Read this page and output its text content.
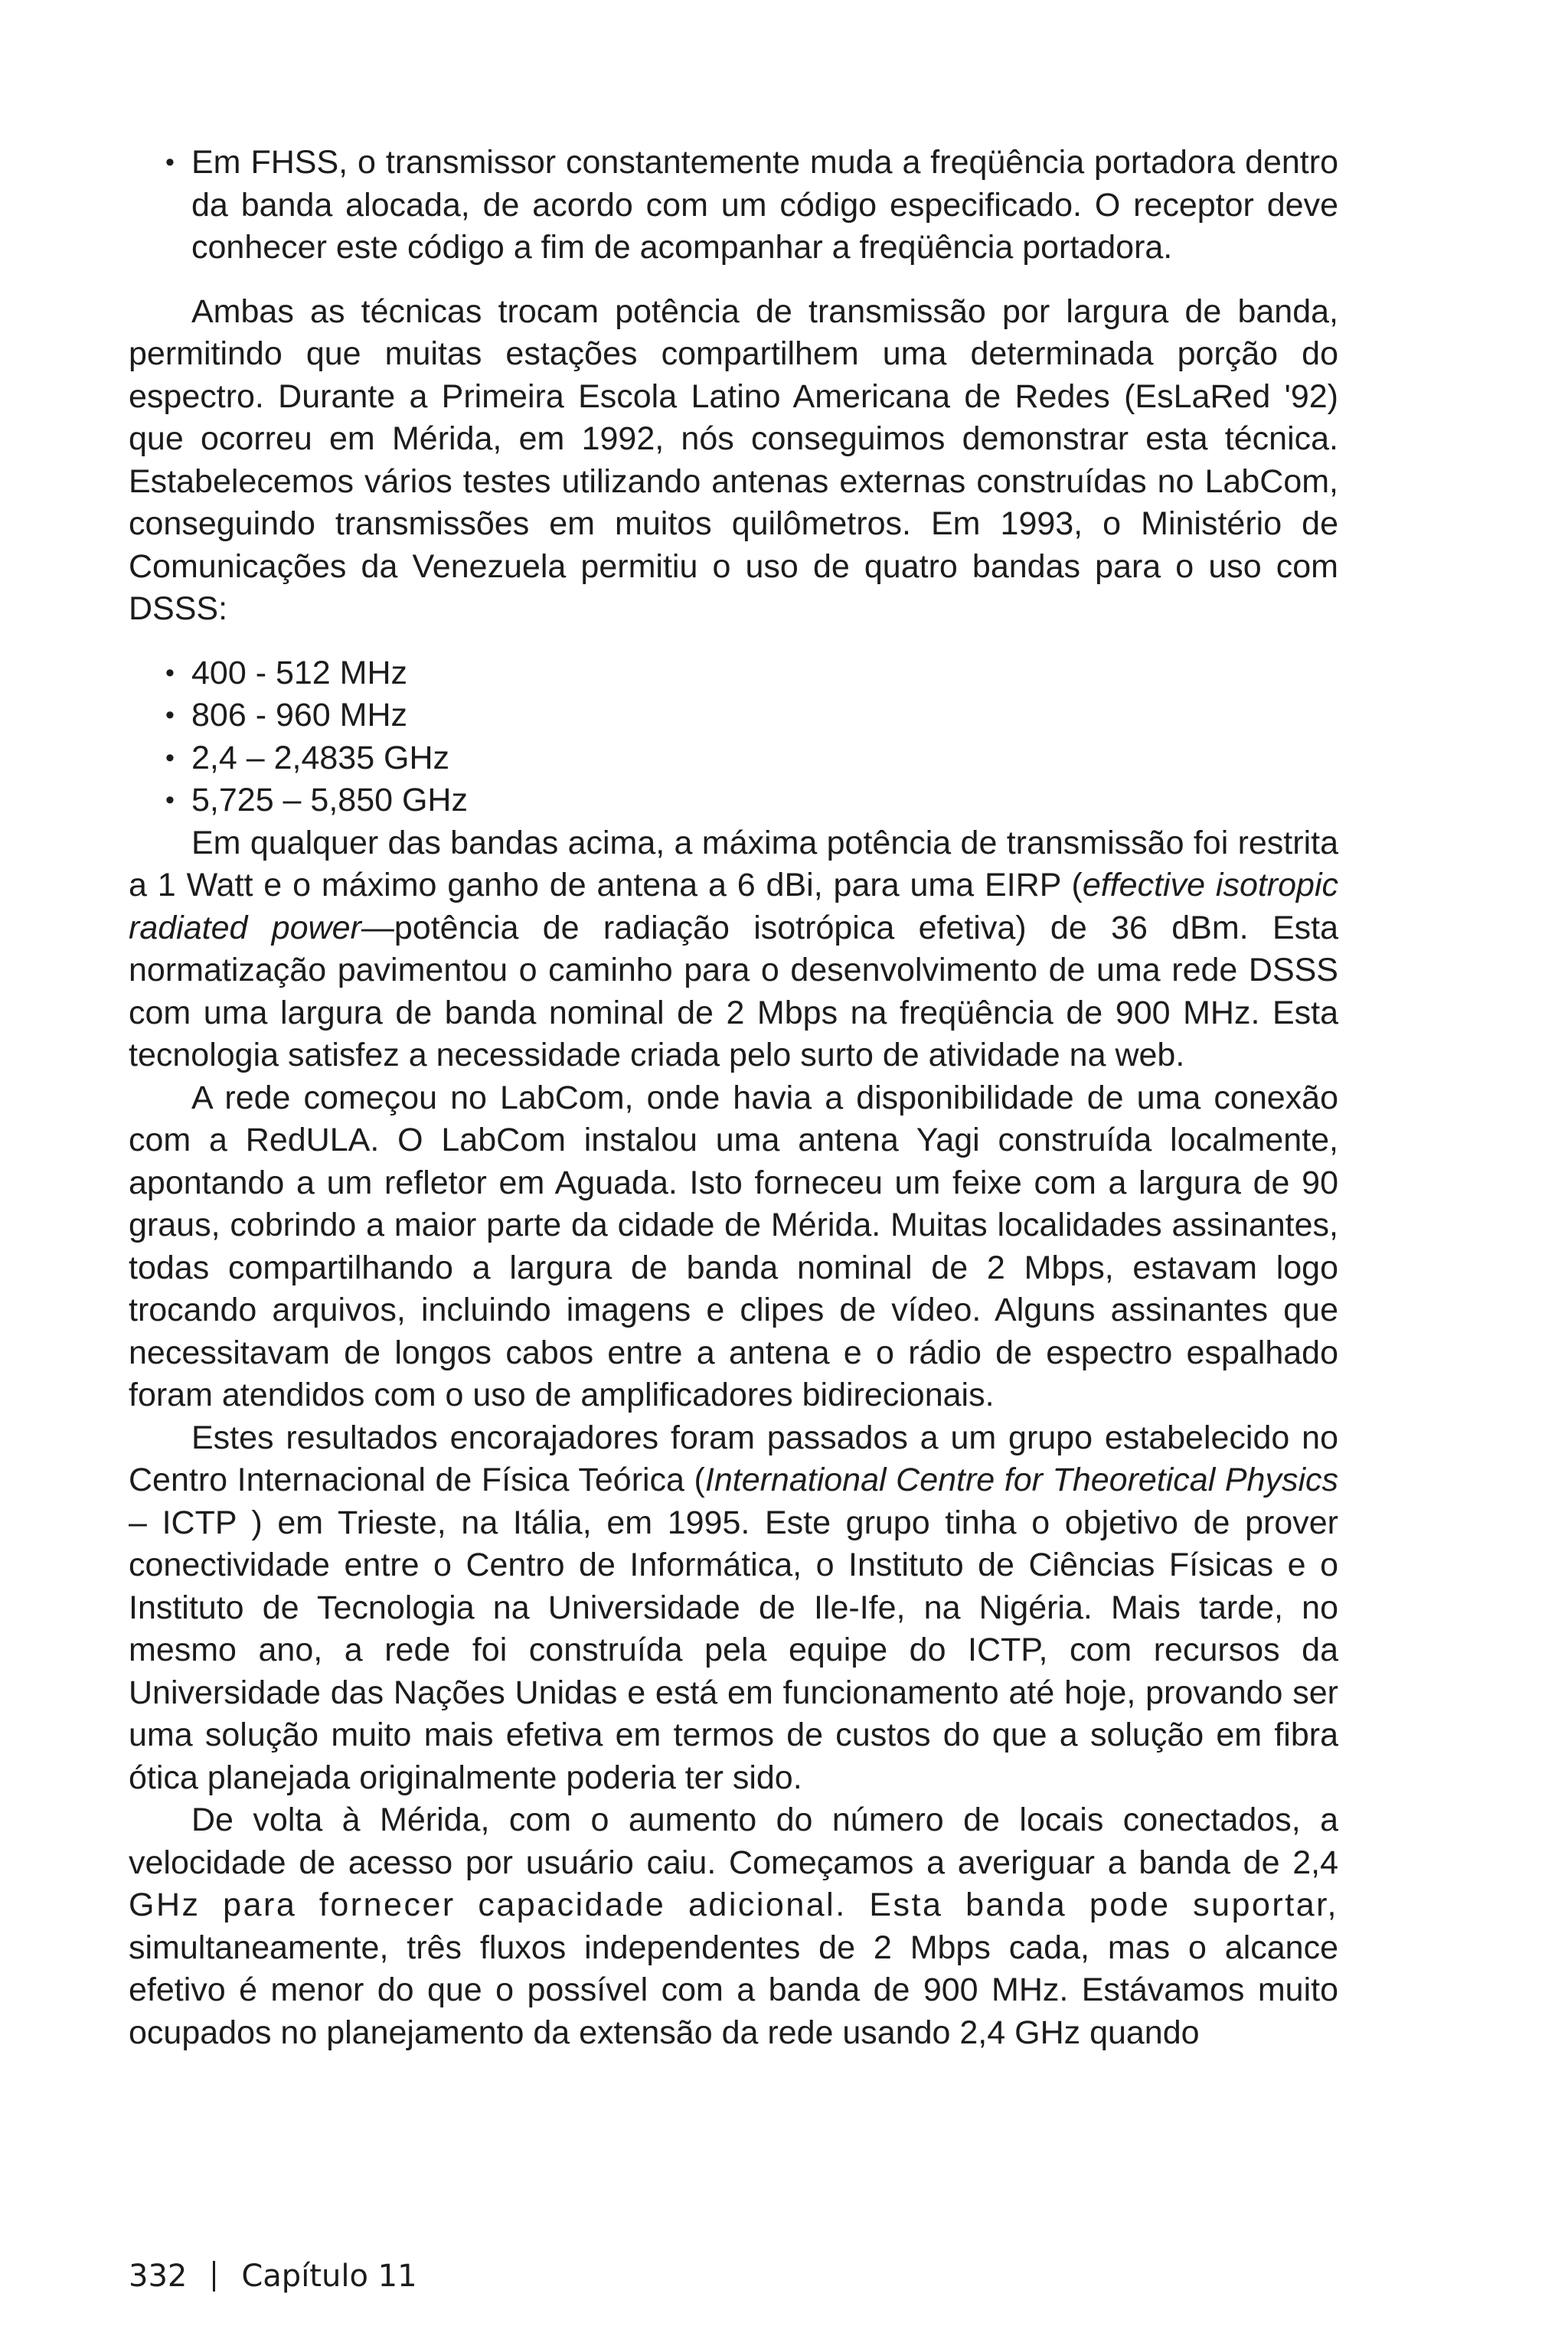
• Em FHSS, o transmissor constantemente muda a freqüência portadora dentro da banda alocada, de acordo com um código especificado. O receptor deve conhecer este código a fim de acompanhar a freqüência portadora.

Ambas as técnicas trocam potência de transmissão por largura de banda, permitindo que muitas estações compartilhem uma determinada porção do espectro. Durante a Primeira Escola Latino Americana de Redes (EsLaRed '92) que ocorreu em Mérida, em 1992, nós conseguimos demonstrar esta técnica. Estabelecemos vários testes utilizando antenas externas construídas no LabCom, conseguindo transmissões em muitos quilômetros. Em 1993, o Ministério de Comunicações da Venezuela permitiu o uso de quatro bandas para o uso com DSSS:

• 400 - 512 MHz
• 806 - 960 MHz
• 2,4 – 2,4835 GHz
• 5,725 – 5,850 GHz

Em qualquer das bandas acima, a máxima potência de transmissão foi restrita a 1 Watt e o máximo ganho de antena a 6 dBi, para uma EIRP (effective isotropic radiated power—potência de radiação isotrópica efetiva) de 36 dBm. Esta normatização pavimentou o caminho para o desenvolvimento de uma rede DSSS com uma largura de banda nominal de 2 Mbps na freqüência de 900 MHz. Esta tecnologia satisfez a necessidade criada pelo surto de atividade na web.

A rede começou no LabCom, onde havia a disponibilidade de uma conexão com a RedULA. O LabCom instalou uma antena Yagi construída localmente, apontando a um refletor em Aguada. Isto forneceu um feixe com a largura de 90 graus, cobrindo a maior parte da cidade de Mérida. Muitas localidades assinantes, todas compartilhando a largura de banda nominal de 2 Mbps, estavam logo trocando arquivos, incluindo imagens e clipes de vídeo. Alguns assinantes que necessitavam de longos cabos entre a antena e o rádio de espectro espalhado foram atendidos com o uso de amplificadores bidirecionais.

Estes resultados encorajadores foram passados a um grupo estabelecido no Centro Internacional de Física Teórica (International Centre for Theoretical Physics – ICTP ) em Trieste, na Itália, em 1995. Este grupo tinha o objetivo de prover conectividade entre o Centro de Informática, o Instituto de Ciências Físicas e o Instituto de Tecnologia na Universidade de Ile-Ife, na Nigéria. Mais tarde, no mesmo ano, a rede foi construída pela equipe do ICTP, com recursos da Universidade das Nações Unidas e está em funcionamento até hoje, provando ser uma solução muito mais efetiva em termos de custos do que a solução em fibra ótica planejada originalmente poderia ter sido.

De volta à Mérida, com o aumento do número de locais conectados, a velocidade de acesso por usuário caiu. Começamos a averiguar a banda de 2,4 GHz para fornecer capacidade adicional. Esta banda pode suportar, simultaneamente, três fluxos independentes de 2 Mbps cada, mas o alcance efetivo é menor do que o possível com a banda de 900 MHz. Estávamos muito ocupados no planejamento da extensão da rede usando 2,4 GHz quando

332 Capítulo 11
